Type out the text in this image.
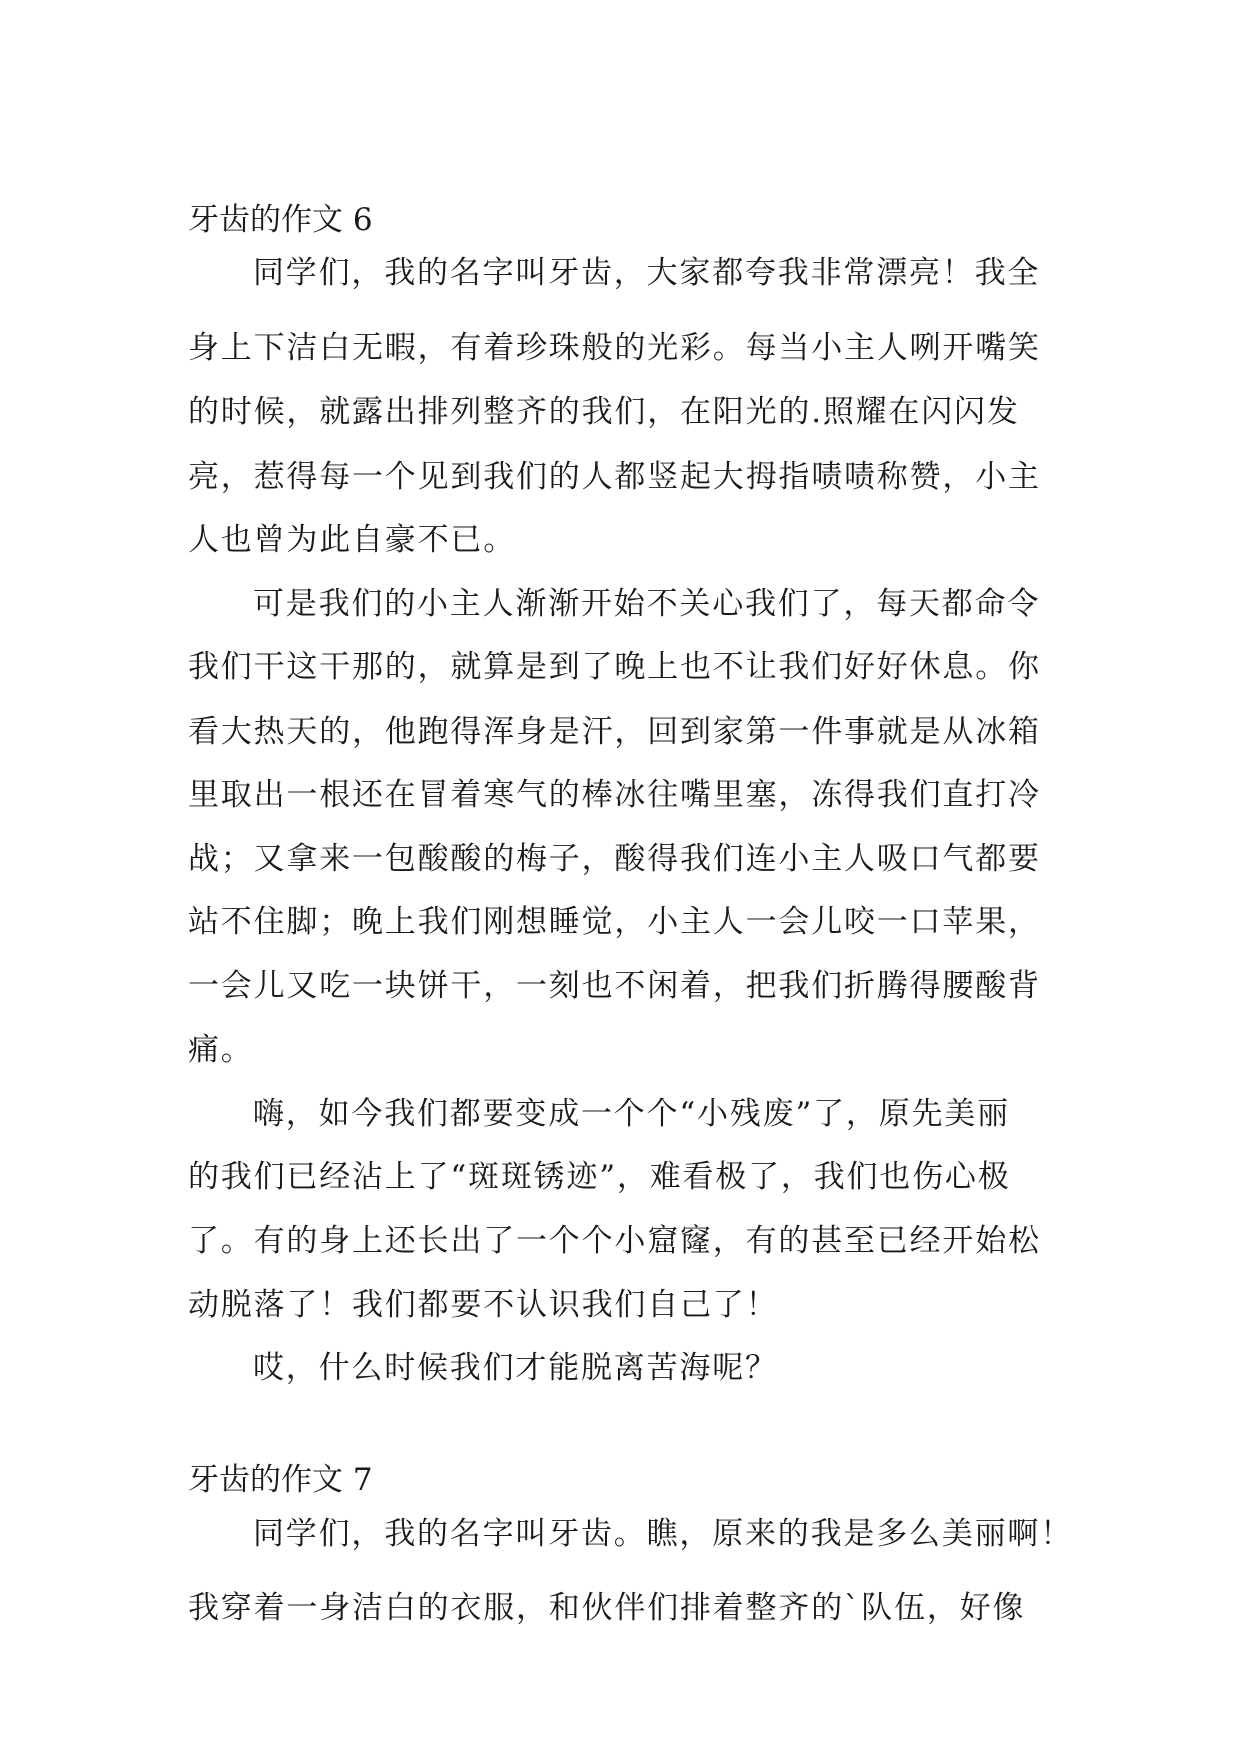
牙齿的作文 6
同学们，我的名字叫牙齿，大家都夸我非常漂亮！我全
身上下洁白无暇，有着珍珠般的光彩。每当小主人咧开嘴笑
的时候，就露出排列整齐的我们，在阳光的.照耀在闪闪发
亮，惹得每一个见到我们的人都竖起大拇指啧啧称赞，小主
人也曾为此自豪不已。
可是我们的小主人渐渐开始不关心我们了，每天都命令
我们干这干那的，就算是到了晚上也不让我们好好休息。你
看大热天的，他跑得浑身是汗，回到家第一件事就是从冰箱
里取出一根还在冒着寒气的棒冰往嘴里塞，冻得我们直打冷
战；又拿来一包酸酸的梅子，酸得我们连小主人吸口气都要
站不住脚；晚上我们刚想睡觉，小主人一会儿咬一口苹果，
一会儿又吃一块饼干，一刻也不闲着，把我们折腾得腰酸背
痛。
嗨，如今我们都要变成一个个“小残废”了，原先美丽
的我们已经沾上了“斑斑锈迹”，难看极了，我们也伤心极
了。有的身上还长出了一个个小窟窿，有的甚至已经开始松
动脱落了！我们都要不认识我们自己了！
哎，什么时候我们才能脱离苦海呢？
牙齿的作文 7
同学们，我的名字叫牙齿。瞧，原来的我是多么美丽啊！
我穿着一身洁白的衣服，和伙伴们排着整齐的`队伍，好像
